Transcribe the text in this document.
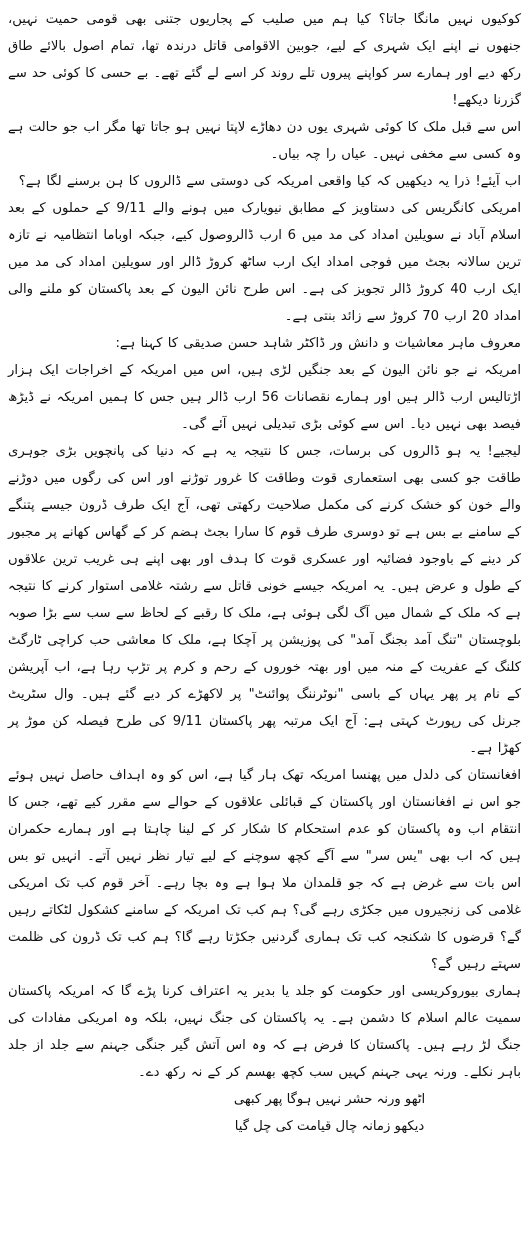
کوکیوں نہیں مانگا جاتا؟ کیا ہم میں صلیب کے پجاریوں جتنی بھی قومی حمیت نہیں، جنھوں نے اپنے ایک شہری کے لیے، جوبین الاقوامی قاتل درندہ تھا، تمام اصول بالائے طاق رکھ دیے اور ہمارے سر کواپنے پیروں تلے روند کر اسے لے گئے تھے۔ بے حسی کا کوئی حد سے گزرنا دیکھے!

اس سے قبل ملک کا کوئی شہری یوں دن دھاڑے لاپتا نہیں ہو جاتا تھا مگر اب جو حالت ہے وہ کسی سے مخفی نہیں۔ عیاں را چہ بیاں۔

اب آیئے! ذرا یہ دیکھیں کہ کیا واقعی امریکہ کی دوستی سے ڈالروں کا ہن برسنے لگا ہے؟

امریکی کانگریس کی دستاویز کے مطابق نیویارک میں ہونے والے 9/11 کے حملوں کے بعد اسلام آباد نے سویلین امداد کی مد میں 6 ارب ڈالروصول کیے، جبکہ اوباما انتظامیہ نے تازہ ترین سالانہ بجٹ میں فوجی امداد ایک ارب ساٹھ کروڑ ڈالر اور سویلین امداد کی مد میں ایک ارب 40 کروڑ ڈالر تجویز کی ہے۔ اس طرح نائن الیون کے بعد پاکستان کو ملنے والی امداد 20 ارب 70 کروڑ سے زائد بنتی ہے۔

معروف ماہر معاشیات و دانش ور ڈاکٹر شاہد حسن صدیقی کا کہنا ہے:

امریکہ نے جو نائن الیون کے بعد جنگیں لڑی ہیں، اس میں امریکہ کے اخراجات ایک ہزار اڑتالیس ارب ڈالر ہیں اور ہمارے نقصانات 56 ارب ڈالر ہیں جس کا ہمیں امریکہ نے ڈیڑھ فیصد بھی نہیں دیا۔ اس سے کوئی بڑی تبدیلی نہیں آئے گی۔

لیجیے! یہ ہو ڈالروں کی برسات، جس کا نتیجہ یہ ہے کہ دنیا کی پانچویں بڑی جوہری طاقت جو کسی بھی استعماری قوت وطاقت کا غرور توڑنے اور اس کی رگوں میں دوڑنے والے خون کو خشک کرنے کی مکمل صلاحیت رکھتی تھی، آج ایک طرف ڈرون جیسے پتنگے کے سامنے بے بس ہے تو دوسری طرف قوم کا سارا بجٹ ہضم کر کے گھاس کھانے پر مجبور کر دینے کے باوجود فضائیہ اور عسکری قوت کا ہدف اور بھی اپنے ہی غریب ترین علاقوں کے طول و عرض ہیں۔ یہ امریکہ جیسے خونی قاتل سے رشتہ غلامی استوار کرنے کا نتیجہ ہے کہ ملک کے شمال میں آگ لگی ہوئی ہے، ملک کا رقبے کے لحاظ سے سب سے بڑا صوبہ بلوچستان "تنگ آمد بجنگ آمد" کی پوزیشن پر آچکا ہے، ملک کا معاشی حب کراچی ٹارگٹ کلنگ کے عفریت کے منہ میں اور بھتہ خوروں کے رحم و کرم پر تڑپ رہا ہے، اب آپریشن کے نام پر پھر یہاں کے باسی "نوٹرننگ پوائنٹ" پر لاکھڑے کر دیے گئے ہیں۔ وال سٹریٹ جرنل کی رپورٹ کہتی ہے: آج ایک مرتبہ پھر پاکستان 9/11 کی طرح فیصلہ کن موڑ پر کھڑا ہے۔

افغانستان کی دلدل میں پھنسا امریکہ تھک ہار گیا ہے، اس کو وہ اہداف حاصل نہیں ہوئے جو اس نے افغانستان اور پاکستان کے قبائلی علاقوں کے حوالے سے مقرر کیے تھے، جس کا انتقام اب وہ پاکستان کو عدم استحکام کا شکار کر کے لینا چاہتا ہے اور ہمارے حکمران ہیں کہ اب بھی "یس سر" سے آگے کچھ سوچنے کے لیے تیار نظر نہیں آتے۔ انہیں تو بس اس بات سے غرض ہے کہ جو قلمدان ملا ہوا ہے وہ بچا رہے۔ آخر قوم کب تک امریکی غلامی کی زنجیروں میں جکڑی رہے گی؟ ہم کب تک امریکہ کے سامنے کشکول لٹکاتے رہیں گے؟ قرضوں کا شکنجہ کب تک ہماری گردنیں جکڑتا رہے گا؟ ہم کب تک ڈرون کی ظلمت سہتے رہیں گے؟

ہماری بیوروکریسی اور حکومت کو جلد یا بدیر یہ اعتراف کرنا پڑے گا کہ امریکہ پاکستان سمیت عالم اسلام کا دشمن ہے۔ یہ پاکستان کی جنگ نہیں، بلکہ وہ امریکی مفادات کی جنگ لڑ رہے ہیں۔ پاکستان کا فرض ہے کہ وہ اس آتش گیر جنگی جہنم سے جلد از جلد باہر نکلے۔ ورنہ یہی جہنم کہیں سب کچھ بھسم کر کے نہ رکھ دے۔

اٹھو ورنہ حشر نہیں ہوگا پھر کبھی

دیکھو زمانہ چال قیامت کی چل گیا
